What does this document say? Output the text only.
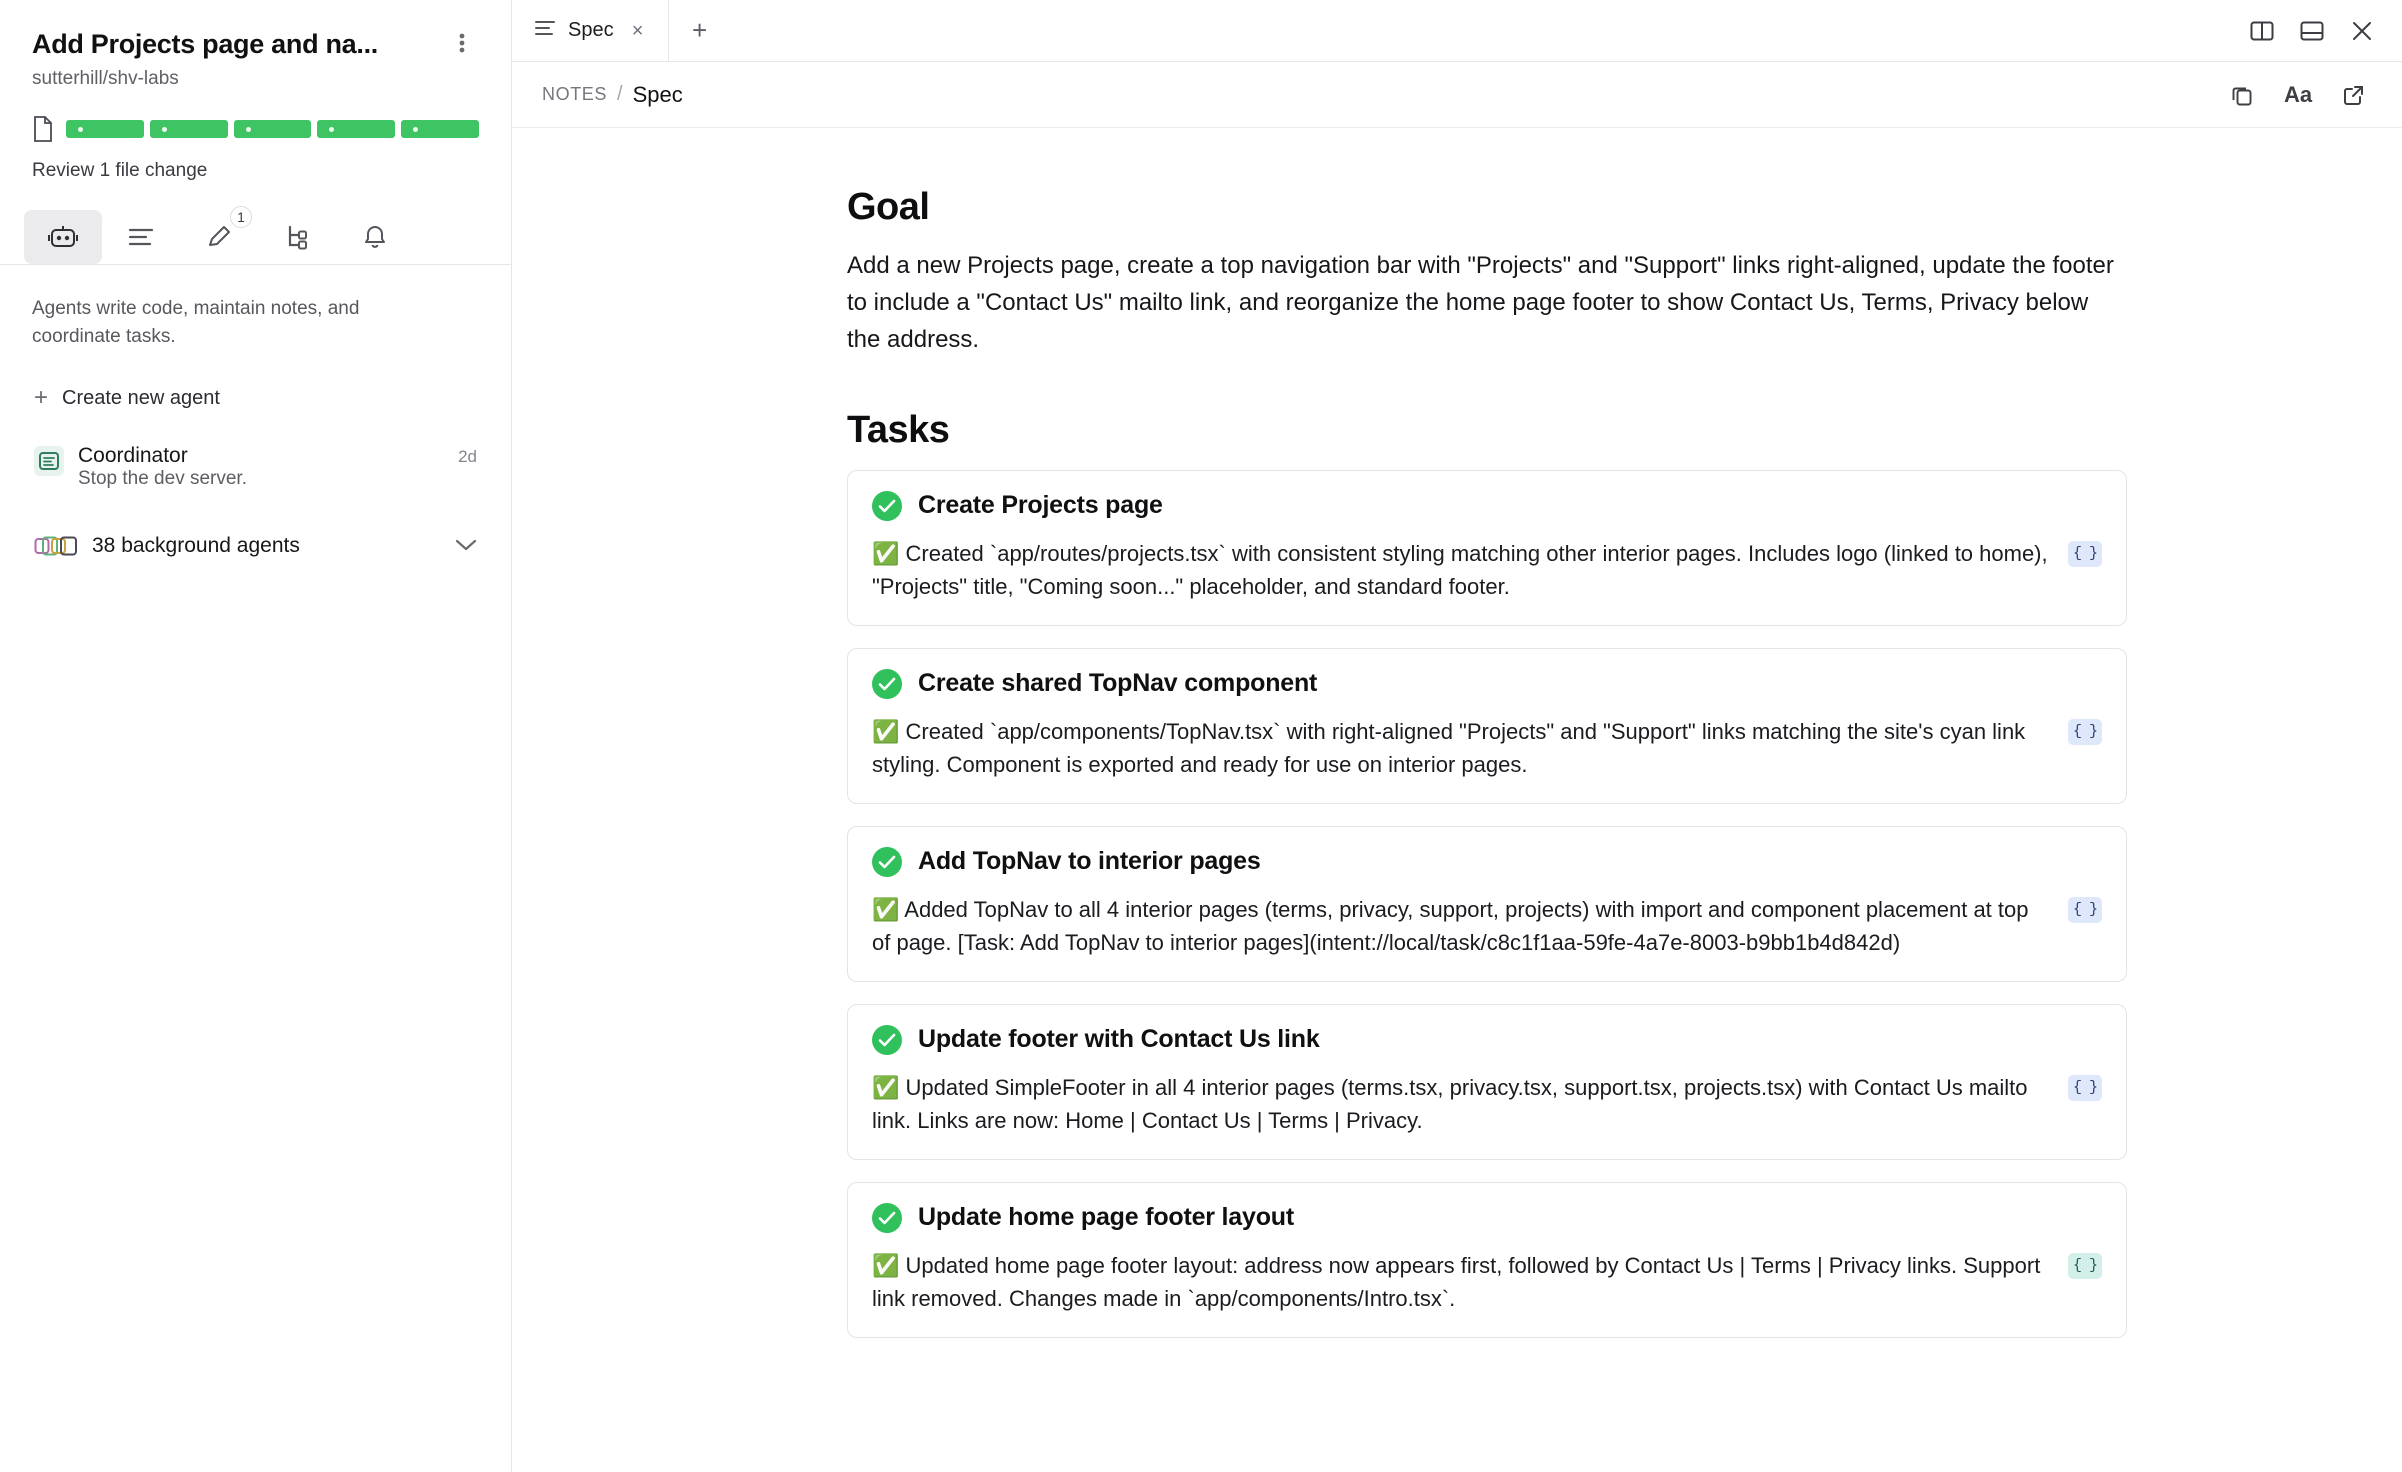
Add Projects page and na...
sutterhill/shv-labs
Review 1 file change
1
Agents write code, maintain notes, and coordinate tasks.
+ Create new agent
Coordinator	2d
Stop the dev server.
38 background agents
Spec ×	+
NOTES / Spec	Aa
Goal

Add a new Projects page, create a top navigation bar with "Projects" and "Support" links right-aligned, update the footer to include a "Contact Us" mailto link, and reorganize the home page footer to show Contact Us, Terms, Privacy below the address.

Tasks
Create Projects page
✅ Created `app/routes/projects.tsx` with consistent styling matching other interior pages. Includes logo (linked to home), "Projects" title, "Coming soon..." placeholder, and standard footer.
{ }
Create shared TopNav component
✅ Created `app/components/TopNav.tsx` with right-aligned "Projects" and "Support" links matching the site's cyan link styling. Component is exported and ready for use on interior pages.
{ }
Add TopNav to interior pages
✅ Added TopNav to all 4 interior pages (terms, privacy, support, projects) with import and component placement at top of page. [Task: Add TopNav to interior pages](intent://local/task/c8c1f1aa-59fe-4a7e-8003-b9bb1b4d842d)
{ }
Update footer with Contact Us link
✅ Updated SimpleFooter in all 4 interior pages (terms.tsx, privacy.tsx, support.tsx, projects.tsx) with Contact Us mailto link. Links are now: Home | Contact Us | Terms | Privacy.
{ }
Update home page footer layout
✅ Updated home page footer layout: address now appears first, followed by Contact Us | Terms | Privacy links. Support link removed. Changes made in `app/components/Intro.tsx`.
{ }
